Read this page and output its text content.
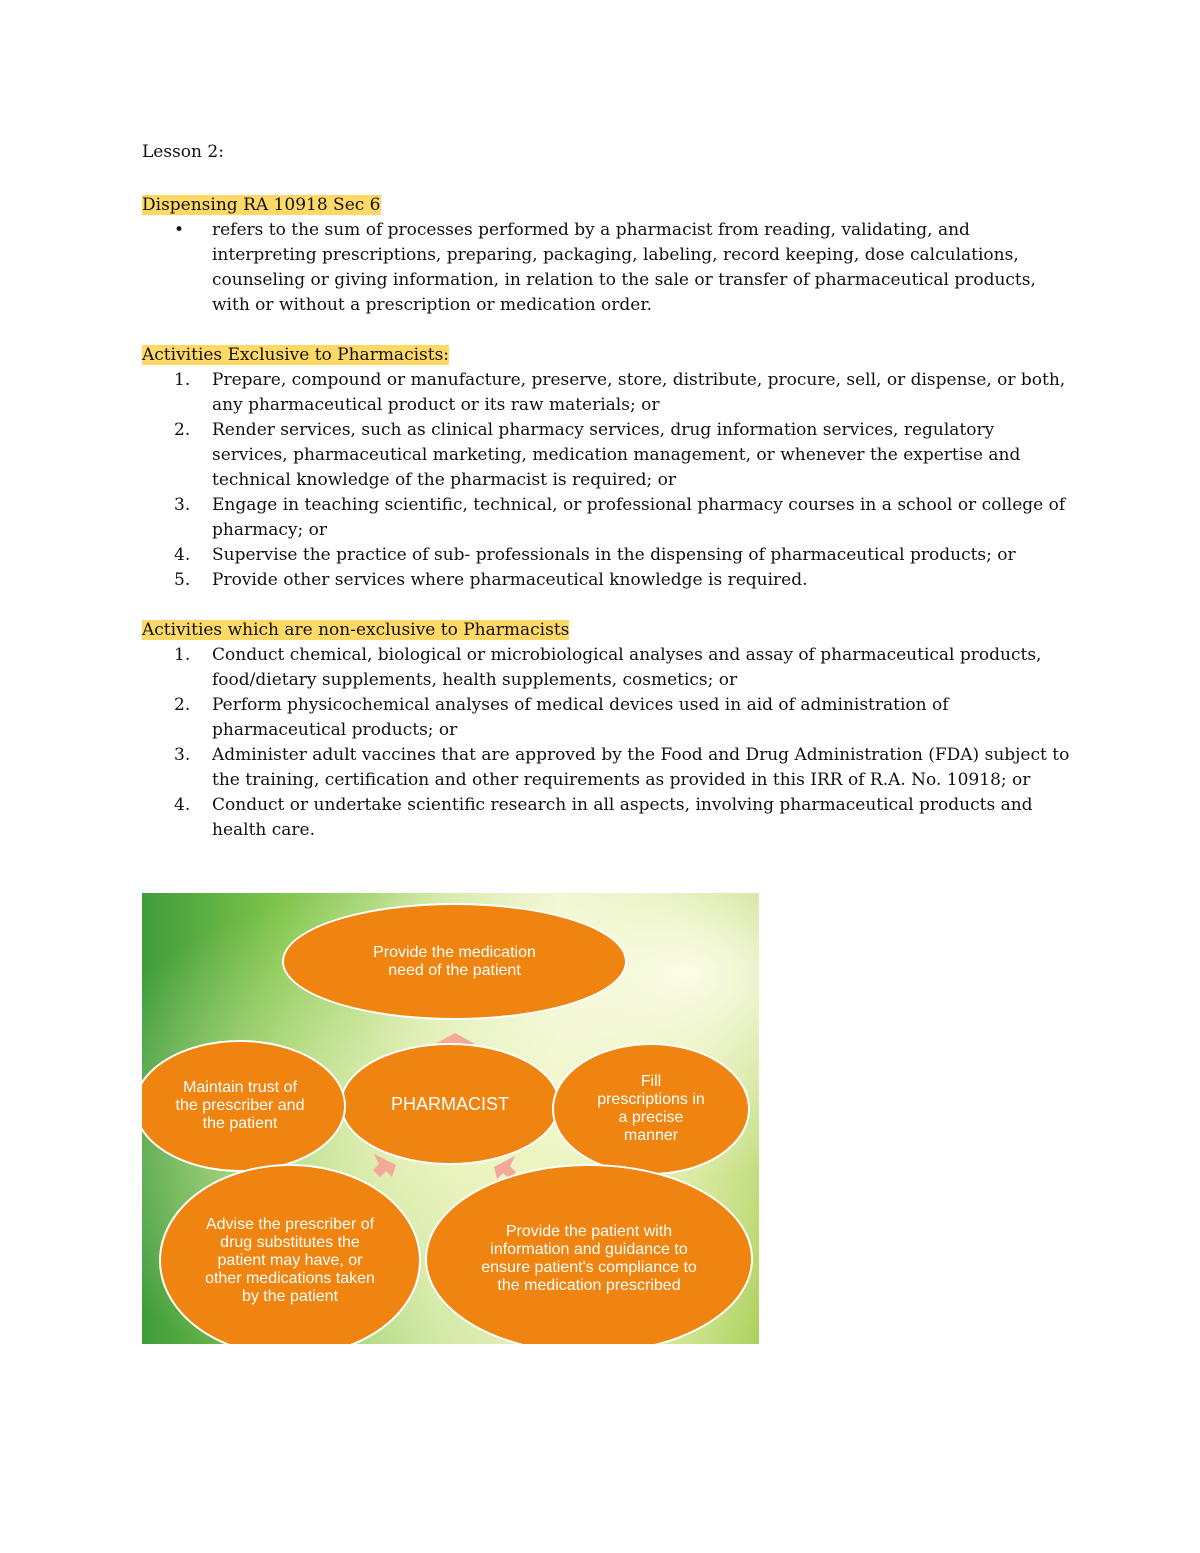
Lesson 2:

Dispensing RA 10918 Sec 6

• refers to the sum of processes performed by a pharmacist from reading, validating, and interpreting prescriptions, preparing, packaging, labeling, record keeping, dose calculations, counseling or giving information, in relation to the sale or transfer of pharmaceutical products, with or without a prescription or medication order.

Activities Exclusive to Pharmacists:

1. Prepare, compound or manufacture, preserve, store, distribute, procure, sell, or dispense, or both, any pharmaceutical product or its raw materials; or
2. Render services, such as clinical pharmacy services, drug information services, regulatory services, pharmaceutical marketing, medication management, or whenever the expertise and technical knowledge of the pharmacist is required; or
3. Engage in teaching scientific, technical, or professional pharmacy courses in a school or college of pharmacy; or
4. Supervise the practice of sub- professionals in the dispensing of pharmaceutical products; or
5. Provide other services where pharmaceutical knowledge is required.

Activities which are non-exclusive to Pharmacists

1. Conduct chemical, biological or microbiological analyses and assay of pharmaceutical products, food/dietary supplements, health supplements, cosmetics; or
2. Perform physicochemical analyses of medical devices used in aid of administration of pharmaceutical products; or
3. Administer adult vaccines that are approved by the Food and Drug Administration (FDA) subject to the training, certification and other requirements as provided in this IRR of R.A. No. 10918; or
4. Conduct or undertake scientific research in all aspects, involving pharmaceutical products and health care.
Provide the medication need of the patient
PHARMACIST
Maintain trust of the prescriber and the patient
Fill prescriptions in a precise manner
Advise the prescriber of drug substitutes the patient may have, or other medications taken by the patient
Provide the patient with information and guidance to ensure patient's compliance to the medication prescribed
